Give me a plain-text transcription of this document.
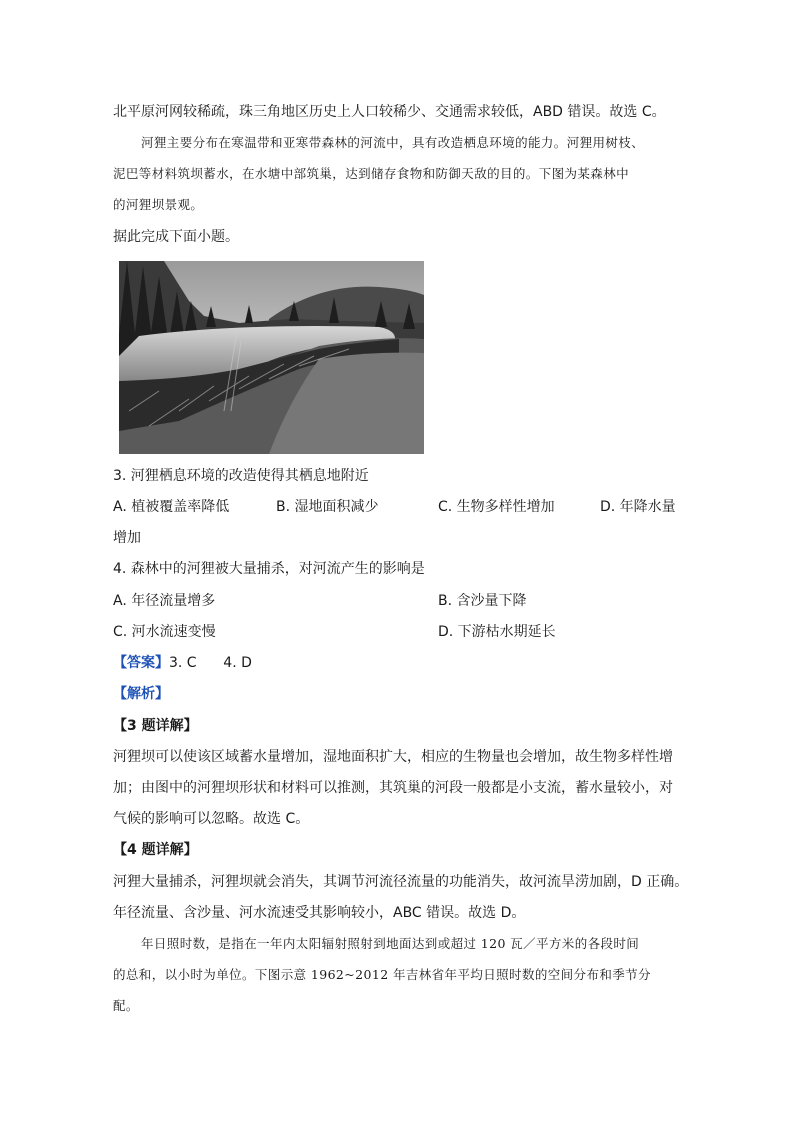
北平原河网较稀疏，珠三角地区历史上人口较稀少、交通需求较低，ABD 错误。故选 C。
河狸主要分布在寒温带和亚寒带森林的河流中，具有改造栖息环境的能力。河狸用树枝、
泥巴等材料筑坝蓄水，在水塘中部筑巢，达到储存食物和防御天敌的目的。下图为某森林中
的河狸坝景观。
据此完成下面小题。
3. 河狸栖息环境的改造使得其栖息地附近
A. 植被覆盖率降低	B. 湿地面积减少	C. 生物多样性增加	D. 年降水量
增加
4. 森林中的河狸被大量捕杀，对河流产生的影响是
A. 年径流量增多	B. 含沙量下降
C. 河水流速变慢	D. 下游枯水期延长
【答案】3. C      4. D
【解析】
【3 题详解】
河狸坝可以使该区域蓄水量增加，湿地面积扩大，相应的生物量也会增加，故生物多样性增
加；由图中的河狸坝形状和材料可以推测，其筑巢的河段一般都是小支流，蓄水量较小，对
气候的影响可以忽略。故选 C。
【4 题详解】
河狸大量捕杀，河狸坝就会消失，其调节河流径流量的功能消失，故河流旱涝加剧，D 正确。
年径流量、含沙量、河水流速受其影响较小，ABC 错误。故选 D。
年日照时数，是指在一年内太阳辐射照射到地面达到或超过 120 瓦／平方米的各段时间
的总和，以小时为单位。下图示意 1962~2012 年吉林省年平均日照时数的空间分布和季节分
配。
